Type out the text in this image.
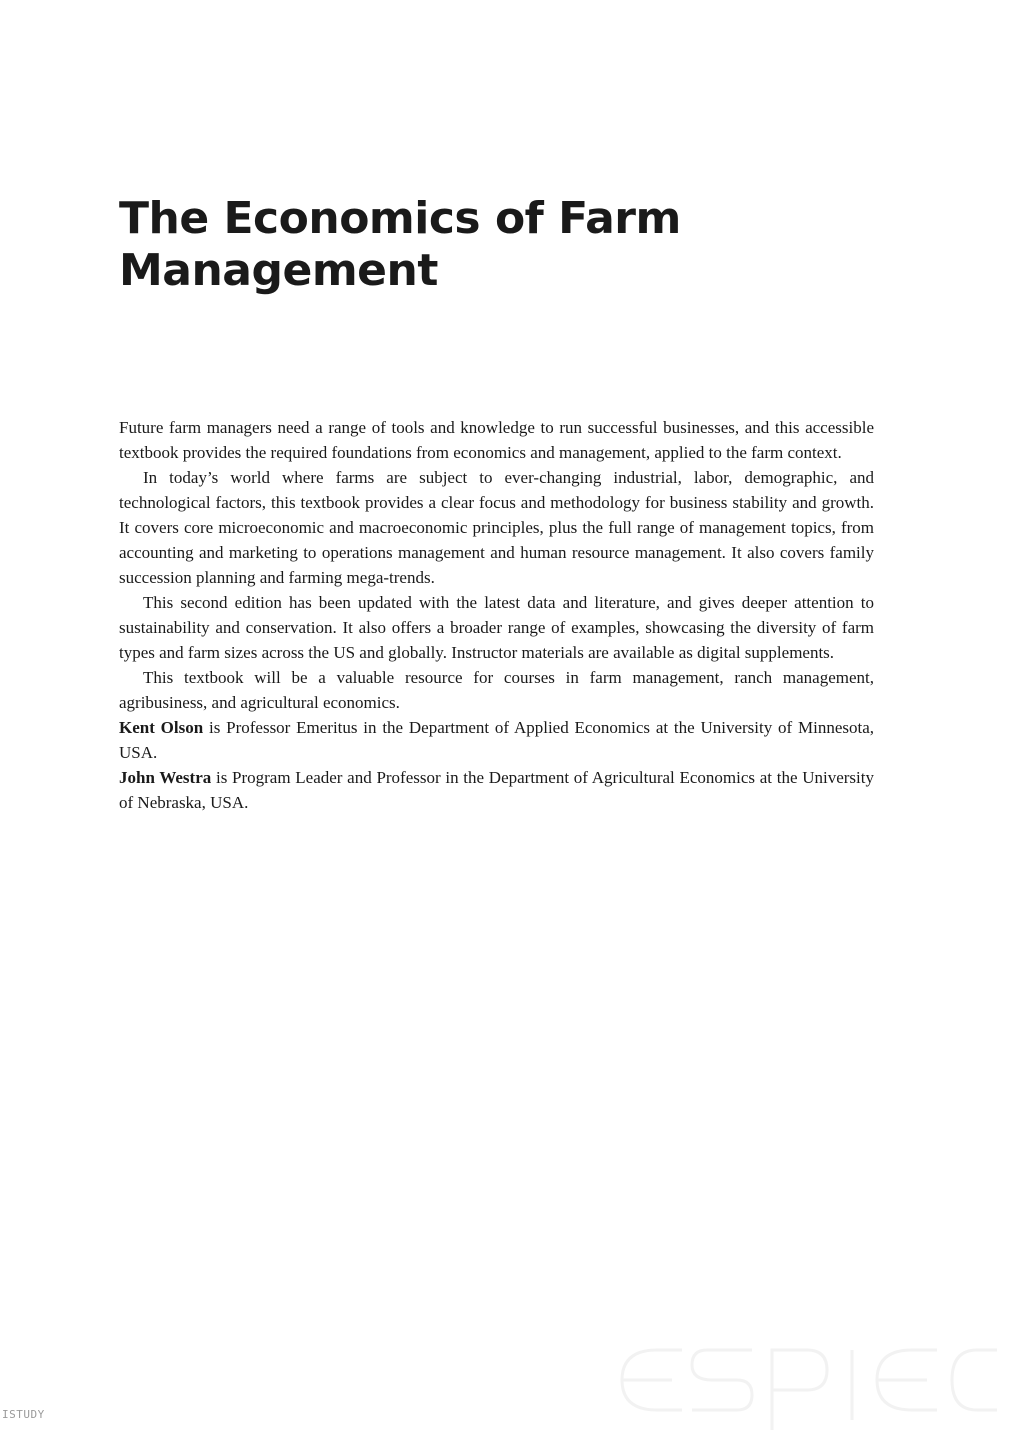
The Economics of Farm
Management

Future farm managers need a range of tools and knowledge to run successful businesses, and this accessible textbook provides the required foundations from economics and management, applied to the farm context.

In today’s world where farms are subject to ever-changing industrial, labor, demographic, and technological factors, this textbook provides a clear focus and methodology for business stability and growth. It covers core microeconomic and macroeconomic principles, plus the full range of management topics, from accounting and marketing to operations management and human resource management. It also covers family succession planning and farming mega-trends.

This second edition has been updated with the latest data and literature, and gives deeper attention to sustainability and conservation. It also offers a broader range of examples, showcasing the diversity of farm types and farm sizes across the US and globally. Instructor materials are available as digital supplements.

This textbook will be a valuable resource for courses in farm management, ranch management, agribusiness, and agricultural economics.

Kent Olson is Professor Emeritus in the Department of Applied Economics at the University of Minnesota, USA.

John Westra is Program Leader and Professor in the Department of Agricultural Economics at the University of Nebraska, USA.

ISTUDY
